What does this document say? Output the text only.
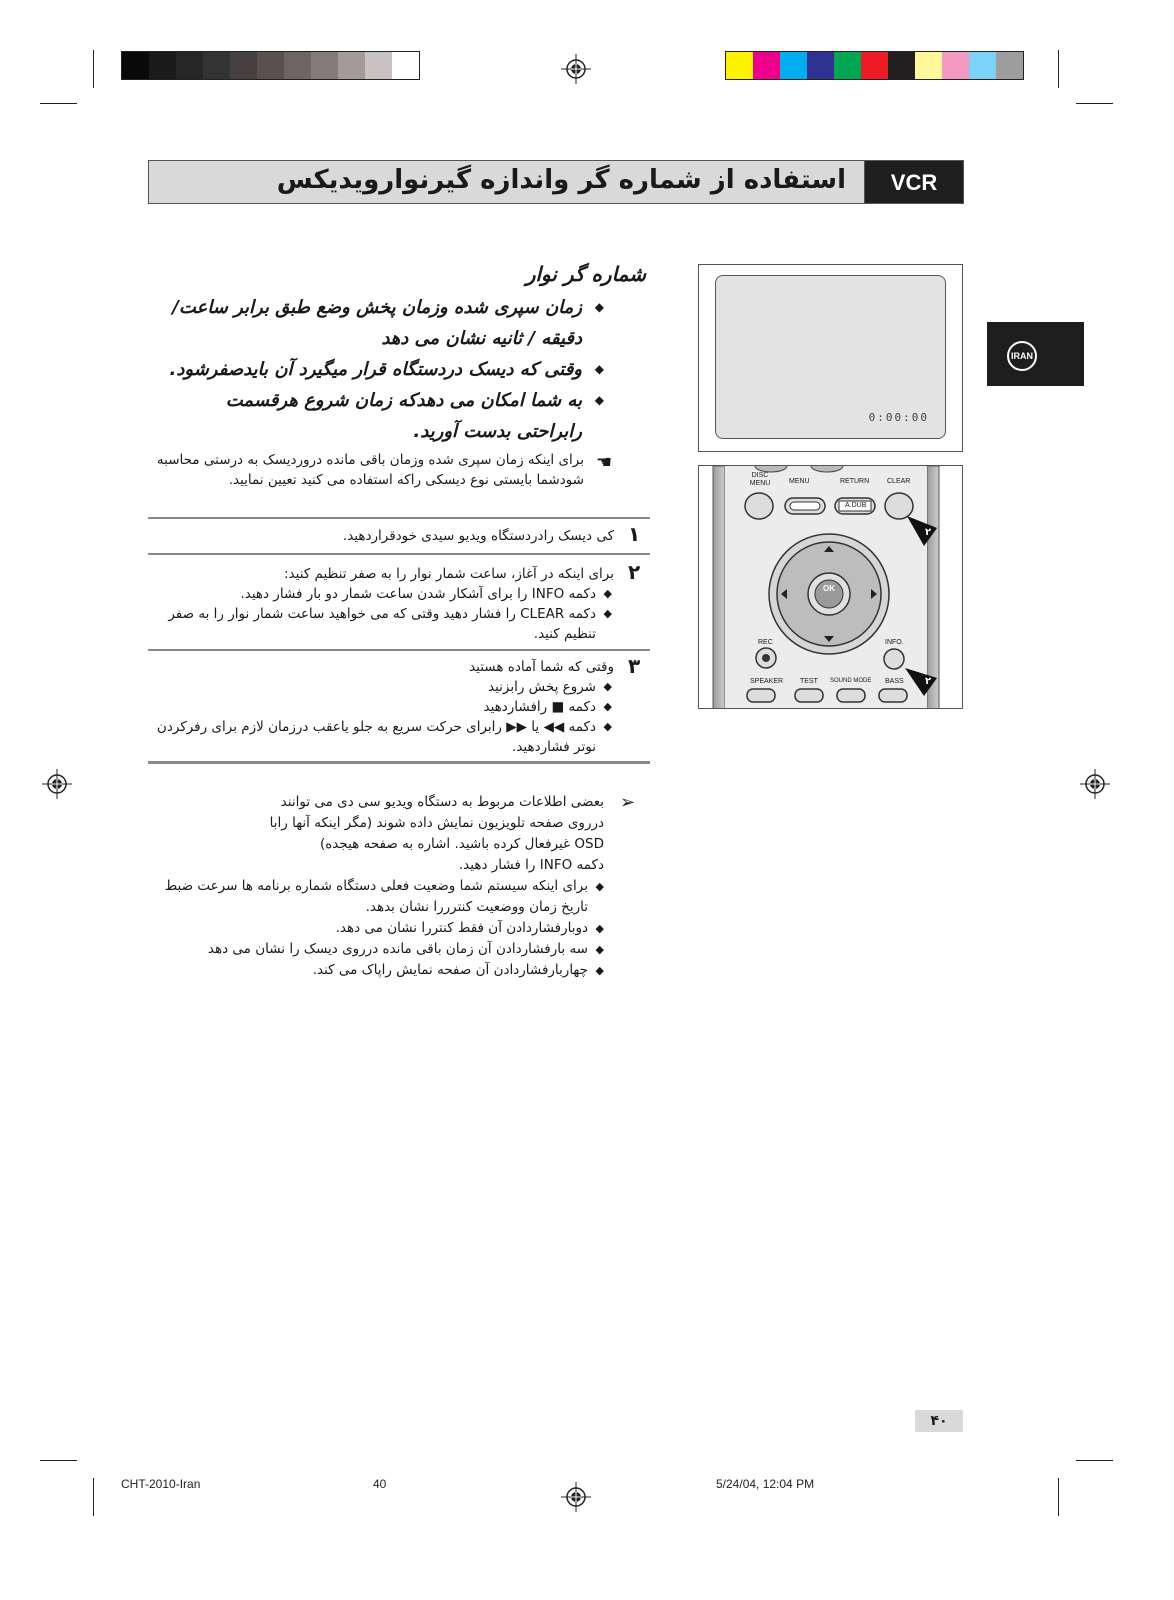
استفاده از شماره گر واندازه گیرنوارویدیکس	VCR
IRAN
شماره گر نوار
◆ زمان سپری شده وزمان پخش وضع طبق برابر ساعت/ دقیقه / ثانیه نشان می دهد
◆ وقتی که دیسک دردستگاه قرار میگیرد آن بایدصفرشود.
◆ به شما امکان می دهدکه زمان شروع هرقسمت رابراحتی بدست آورید.
☚
برای اینکه زمان سپری شده وزمان باقی مانده دروردیسک به درستی محاسبه شودشما بایستی نوع دیسکی راکه استفاده می کنید تعیین نمایید.
۱
کی دیسک رادردستگاه ویدیو سیدی خودقراردهید.
۲
برای اینکه در آغاز، ساعت شمار نوار را به صفر تنظیم کنید:
◆ دکمه INFO را برای آشکار شدن ساعت شمار دو بار فشار دهید.
◆ دکمه CLEAR را فشار دهید وقتی که می خواهید ساعت شمار نوار را به صفر تنظیم کنید.
۳
وقتی که شما آماده هستید
◆ شروع پخش رابزنید
◆ دکمه ■ رافشاردهید
◆ دکمه ◀◀ یا ▶▶ رابرای حرکت سریع به جلو یاعقب درزمان لازم برای رفرکردن نوتر فشاردهید.
➢
بعضی اطلاعات مربوط به دستگاه ویدیو سی دی می توانند
درروی صفحه تلویزیون نمایش داده شوند (مگر اینکه آنها رابا
OSD غیرفعال کرده باشید. اشاره به صفحه هیجده)
دکمه INFO را فشار دهید.
◆ برای اینکه سیستم شما وضعیت فعلی دستگاه شماره برنامه ها سرعت ضبط تاریخ زمان ووضعیت کنترررا نشان بدهد.
◆ دوبارفشاردادن آن فقط کنتررا نشان می دهد.
◆ سه بارفشاردادن آن زمان باقی مانده درروی دیسک را نشان می دهد
◆ چهاربارفشاردادن آن صفحه نمایش راپاک می کند.
0:00:00
DISC MENU	MENU	RETURN	CLEAR
A.DUB
OK
REC	INFO.
SPEAKER TEST SOUND MODE BASS
۲
۲
۴۰
CHT-2010-Iran	40	5/24/04, 12:04 PM
